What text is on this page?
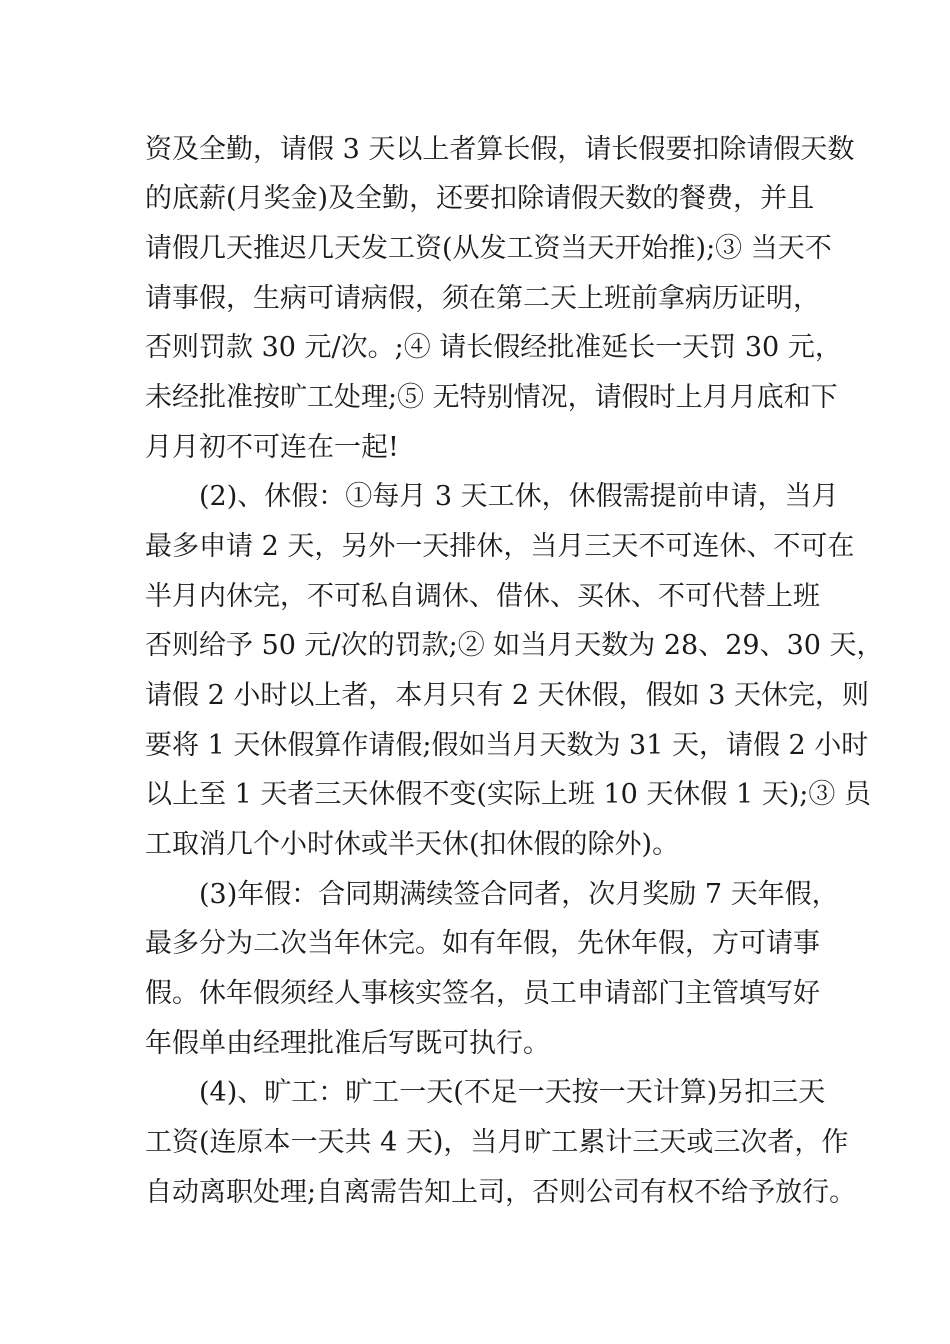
资及全勤，请假 3 天以上者算长假，请长假要扣除请假天数
的底薪(月奖金)及全勤，还要扣除请假天数的餐费，并且
请假几天推迟几天发工资(从发工资当天开始推);③ 当天不
请事假，生病可请病假，须在第二天上班前拿病历证明，
否则罚款 30 元/次。;④ 请长假经批准延长一天罚 30 元，
未经批准按旷工处理;⑤ 无特别情况，请假时上月月底和下
月月初不可连在一起!
(2)、休假：①每月 3 天工休，休假需提前申请，当月
最多申请 2 天，另外一天排休，当月三天不可连休、不可在
半月内休完，不可私自调休、借休、买休、不可代替上班
否则给予 50 元/次的罚款;② 如当月天数为 28、29、30 天，
请假 2 小时以上者，本月只有 2 天休假，假如 3 天休完，则
要将 1 天休假算作请假;假如当月天数为 31 天，请假 2 小时
以上至 1 天者三天休假不变(实际上班 10 天休假 1 天);③ 员
工取消几个小时休或半天休(扣休假的除外)。
(3)年假：合同期满续签合同者，次月奖励 7 天年假，
最多分为二次当年休完。如有年假，先休年假，方可请事
假。休年假须经人事核实签名，员工申请部门主管填写好
年假单由经理批准后写既可执行。
(4)、旷工：旷工一天(不足一天按一天计算)另扣三天
工资(连原本一天共 4 天)，当月旷工累计三天或三次者，作
自动离职处理;自离需告知上司，否则公司有权不给予放行。
